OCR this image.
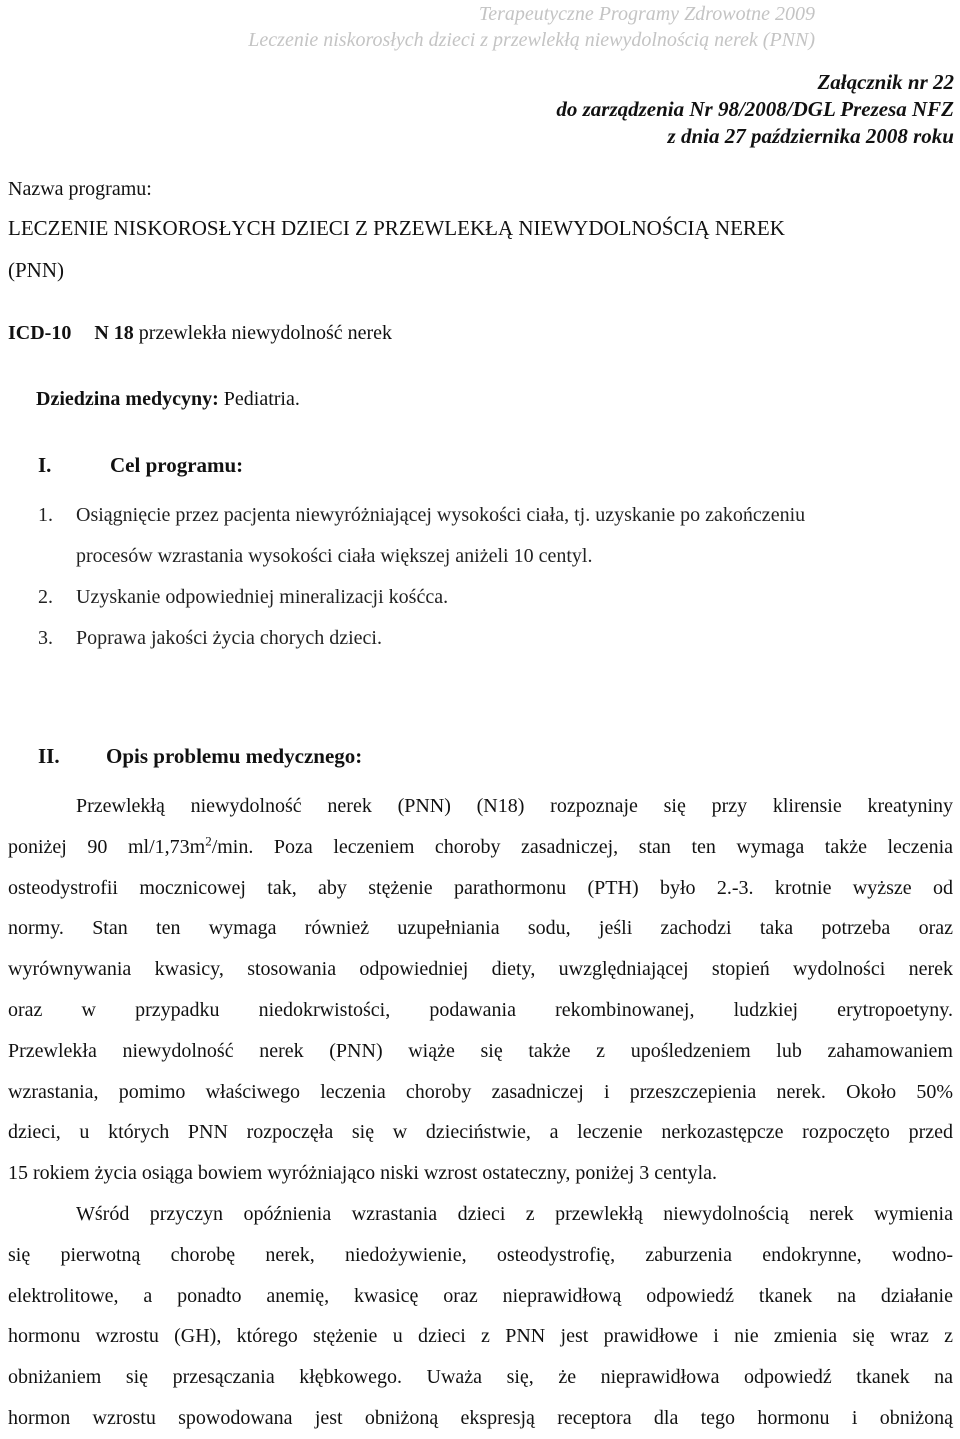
Terapeutyczne Programy Zdrowotne 2009
Leczenie niskorosłych dzieci z przewlekłą niewydolnością nerek (PNN)
Załącznik nr 22
do zarządzenia Nr 98/2008/DGL Prezesa NFZ
z dnia 27 października 2008 roku
Nazwa programu:
LECZENIE NISKOROSŁYCH DZIECI Z PRZEWLEKŁĄ NIEWYDOLNOŚCIĄ NEREK
(PNN)
ICD-10 N 18 przewlekła niewydolność nerek
Dziedzina medycyny: Pediatria.
I.	Cel programu:
1. Osiągnięcie przez pacjenta niewyróżniającej wysokości ciała, tj. uzyskanie po zakończeniu
procesów wzrastania wysokości ciała większej aniżeli 10 centyl.
2. Uzyskanie odpowiedniej mineralizacji kośćca.
3. Poprawa jakości życia chorych dzieci.
II. Opis problemu medycznego:
Przewlekłą niewydolność nerek (PNN) (N18) rozpoznaje się przy klirensie kreatyniny
poniżej 90 $ml/1,73m^2/\min$. Poza leczeniem choroby zasadniczej, stan ten wymaga także leczenia
osteodystrofii mocznicowej tak, aby stężenie parathormonu (PTH) było 2.-3. krotnie wyższe od
normy. Stan ten wymaga również uzupełniania sodu, jeśli zachodzi taka potrzeba oraz
wyrównywania kwasicy, stosowania odpowiedniej diety, uwzględniającej stopień wydolności nerek
oraz w przypadku niedokrwistości, podawania rekombinowanej, ludzkiej erytropoetyny.
Przewlekła niewydolność nerek (PNN) wiąże się także z upośledzeniem lub zahamowaniem
wzrastania, pomimo właściwego leczenia choroby zasadniczej i przeszczepienia nerek. Około 50%
dzieci, u których PNN rozpoczęła się w dzieciństwie, a leczenie nerkozastępcze rozpoczęto przed
15 rokiem życia osiąga bowiem wyróżniająco niski wzrost ostateczny, poniżej 3 centyla.
Wśród przyczyn opóźnienia wzrastania dzieci z przewlekłą niewydolnością nerek wymienia
się pierwotną chorobę nerek, niedożywienie, osteodystrofię, zaburzenia endokrynne, wodno-
elektrolitowe, a ponadto anemię, kwasicę oraz nieprawidłową odpowiedź tkanek na działanie
hormonu wzrostu (GH), którego stężenie u dzieci z PNN jest prawidłowe i nie zmienia się wraz z
obniżaniem się przesączania kłębkowego. Uważa się, że nieprawidłowa odpowiedź tkanek na
hormon wzrostu spowodowana jest obniżoną ekspresją receptora dla tego hormonu i obniżoną
